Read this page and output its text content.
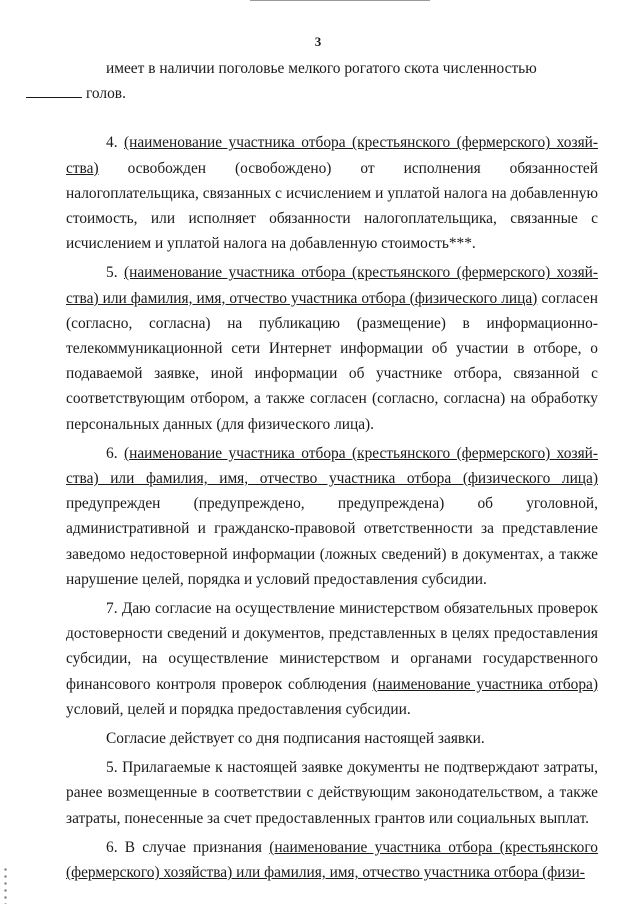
3

имеет в наличии поголовье мелкого рогатого скота численностью
голов.

4. (наименование участника отбора (крестьянского (фермерского) хозяй-ства) освобожден (освобождено) от исполнения обязанностей налогоплательщика, связанных с исчислением и уплатой налога на добавленную стоимость, или исполняет обязанности налогоплательщика, связанные с исчислением и уплатой налога на добавленную стоимость***.

5. (наименование участника отбора (крестьянского (фермерского) хозяй-ства) или фамилия, имя, отчество участника отбора (физического лица) согласен (согласно, согласна) на публикацию (размещение) в информационно-телекоммуникационной сети Интернет информации об участии в отборе, о подаваемой заявке, иной информации об участнике отбора, связанной с соответствующим отбором, а также согласен (согласно, согласна) на обработку персональных данных (для физического лица).

6. (наименование участника отбора (крестьянского (фермерского) хозяй-ства) или фамилия, имя, отчество участника отбора (физического лица) предупрежден (предупреждено, предупреждена) об уголовной, административной и гражданско-правовой ответственности за представление заведомо недостоверной информации (ложных сведений) в документах, а также нарушение целей, порядка и условий предоставления субсидии.

7. Даю согласие на осуществление министерством обязательных проверок достоверности сведений и документов, представленных в целях предоставления субсидии, на осуществление министерством и органами государственного финансового контроля проверок соблюдения (наименование участника отбора) условий, целей и порядка предоставления субсидии.

Согласие действует со дня подписания настоящей заявки.

5. Прилагаемые к настоящей заявке документы не подтверждают затраты, ранее возмещенные в соответствии с действующим законодательством, а также затраты, понесенные за счет предоставленных грантов или социальных выплат.

6. В случае признания (наименование участника отбора (крестьянского (фермерского) хозяйства) или фамилия, имя, отчество участника отбора (физи-
